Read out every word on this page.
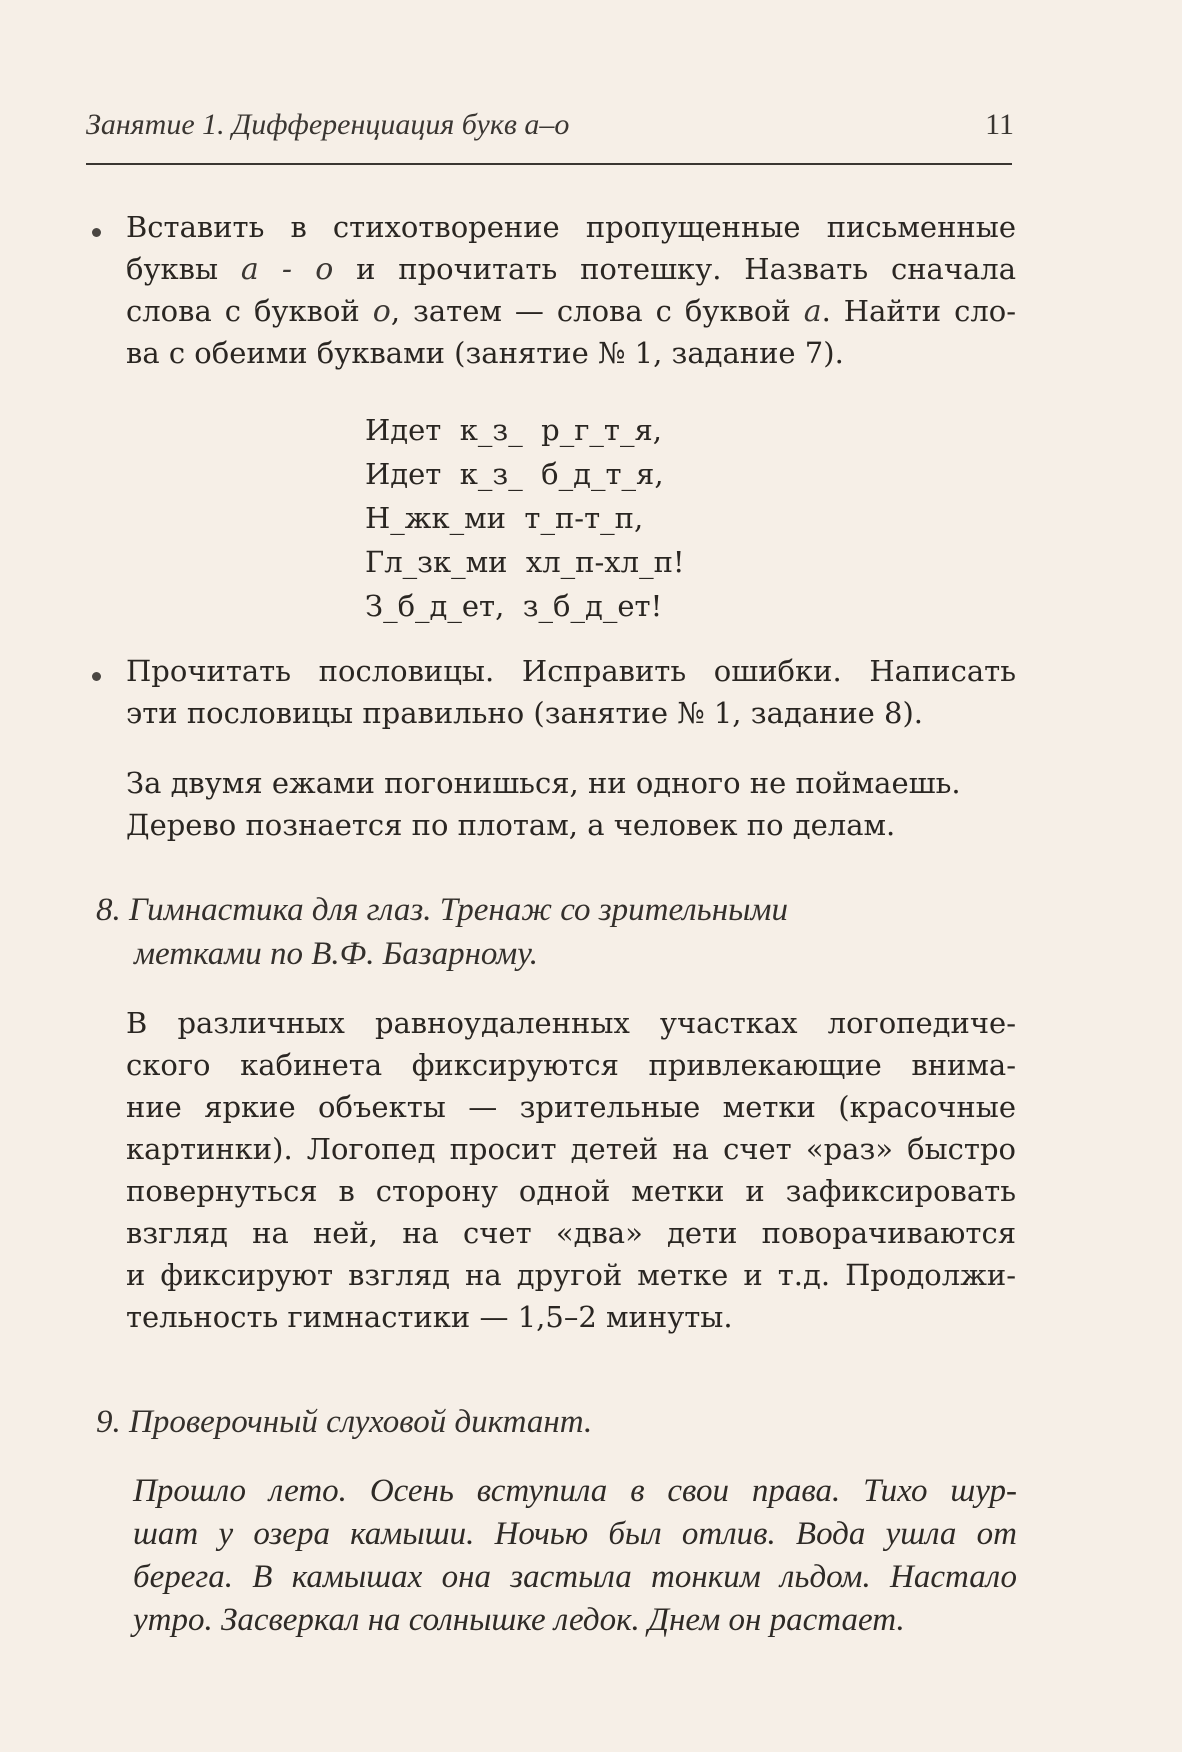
Занятие 1. Дифференциация букв а–о	11
Вставить в стихотворение пропущенные письменные
буквы а - о и прочитать потешку. Назвать сначала
слова с буквой о, затем — слова с буквой а. Найти сло-
ва с обеими буквами (занятие № 1, задание 7).
Идет  к_з_  р_г_т_я,
Идет  к_з_  б_д_т_я,
Н_жк_ми  т_п-т_п,
Гл_зк_ми  хл_п-хл_п!
З_б_д_ет,  з_б_д_ет!
Прочитать пословицы. Исправить ошибки. Написать
эти пословицы правильно (занятие № 1, задание 8).
За двумя ежами погонишься, ни одного не поймаешь.
Дерево познается по плотам, а человек по делам.
8. Гимнастика для глаз. Тренаж со зрительными
метками по В.Ф. Базарному.
В различных равноудаленных участках логопедиче-
ского кабинета фиксируются привлекающие внима-
ние яркие объекты — зрительные метки (красочные
картинки). Логопед просит детей на счет «раз» быстро
повернуться в сторону одной метки и зафиксировать
взгляд на ней, на счет «два» дети поворачиваются
и фиксируют взгляд на другой метке и т.д. Продолжи-
тельность гимнастики — 1,5–2 минуты.
9. Проверочный слуховой диктант.
Прошло лето. Осень вступила в свои права. Тихо шур-
шат у озера камыши. Ночью был отлив. Вода ушла от
берега. В камышах она застыла тонким льдом. Настало
утро. Засверкал на солнышке ледок. Днем он растает.
